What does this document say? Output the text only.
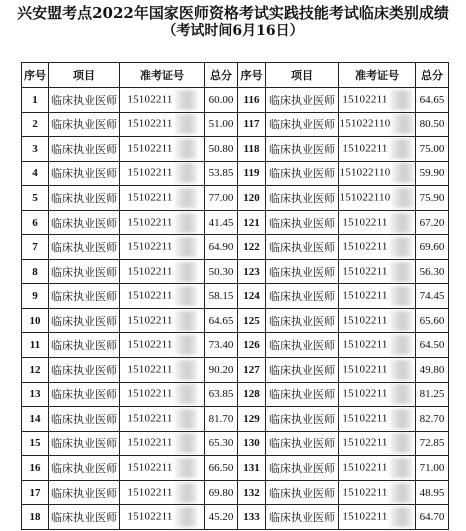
兴安盟考点2022年国家医师资格考试实践技能考试临床类别成绩
（考试时间6月16日）
序号	项目	准考证号	总分	序号	项目	准考证号	总分
1	临床执业医师	15102211	60.00	116	临床执业医师	15102211	64.65
2	临床执业医师	15102211	51.00	117	临床执业医师	151022110	80.50
3	临床执业医师	15102211	50.80	118	临床执业医师	15102211	75.00
4	临床执业医师	15102211	53.85	119	临床执业医师	151022110	59.90
5	临床执业医师	15102211	77.00	120	临床执业医师	151022110	75.90
6	临床执业医师	15102211	41.45	121	临床执业医师	15102211	67.20
7	临床执业医师	15102211	64.90	122	临床执业医师	15102211	69.60
8	临床执业医师	15102211	50.30	123	临床执业医师	15102211	56.30
9	临床执业医师	15102211	58.15	124	临床执业医师	15102211	74.45
10	临床执业医师	15102211	64.65	125	临床执业医师	15102211	65.60
11	临床执业医师	15102211	73.40	126	临床执业医师	15102211	64.50
12	临床执业医师	15102211	90.20	127	临床执业医师	15102211	49.80
13	临床执业医师	15102211	63.85	128	临床执业医师	15102211	81.25
14	临床执业医师	15102211	81.70	129	临床执业医师	15102211	82.70
15	临床执业医师	15102211	65.30	130	临床执业医师	15102211	72.85
16	临床执业医师	15102211	66.50	131	临床执业医师	15102211	71.00
17	临床执业医师	15102211	69.80	132	临床执业医师	15102211	48.95
18	临床执业医师	15102211	45.20	133	临床执业医师	15102211	64.70
